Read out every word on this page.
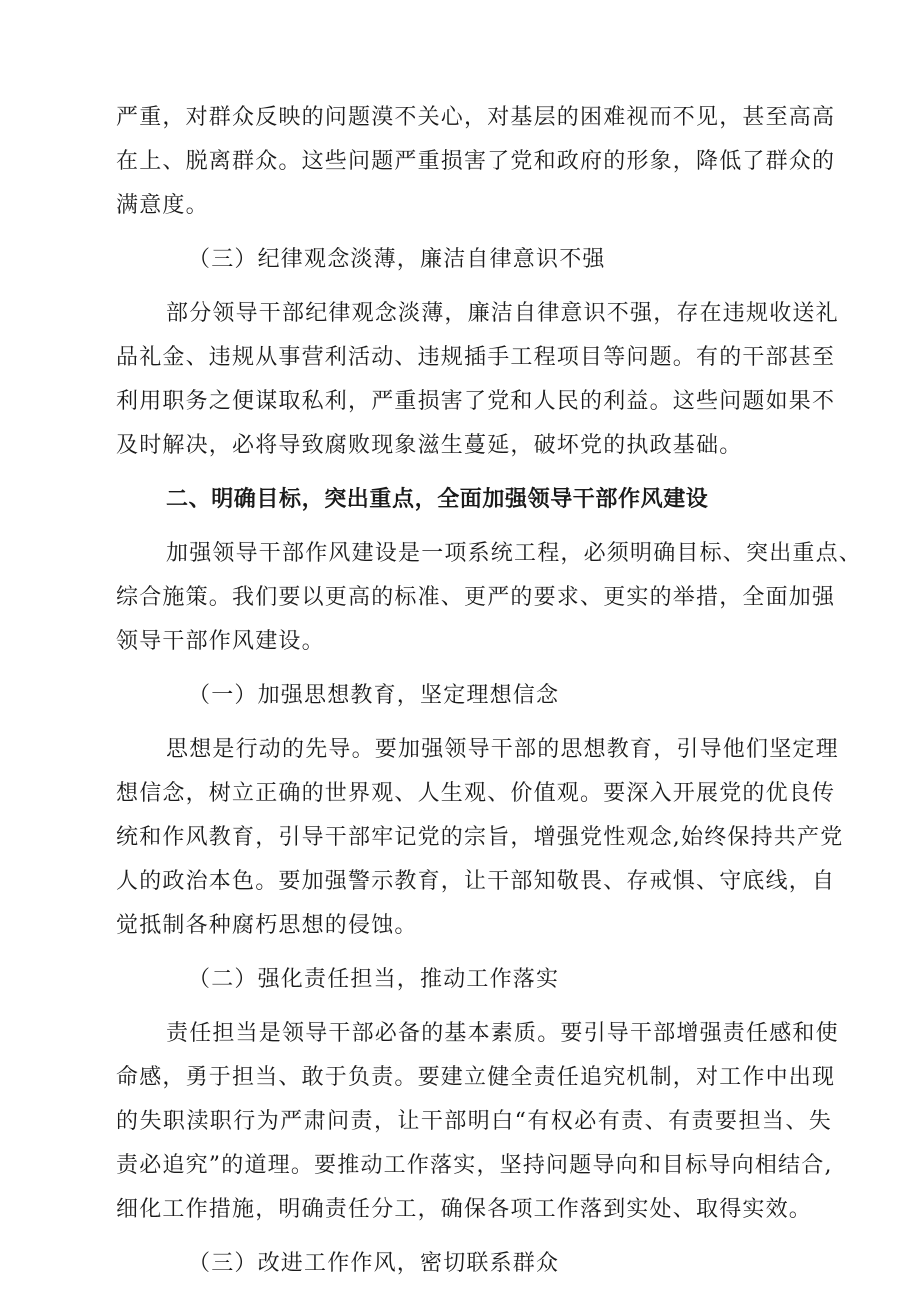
严重，对群众反映的问题漠不关心，对基层的困难视而不见，甚至高高

在上、脱离群众。这些问题严重损害了党和政府的形象，降低了群众的

满意度。

（三）纪律观念淡薄，廉洁自律意识不强

部分领导干部纪律观念淡薄，廉洁自律意识不强，存在违规收送礼

品礼金、违规从事营利活动、违规插手工程项目等问题。有的干部甚至

利用职务之便谋取私利，严重损害了党和人民的利益。这些问题如果不

及时解决，必将导致腐败现象滋生蔓延，破坏党的执政基础。

二、明确目标，突出重点，全面加强领导干部作风建设

加强领导干部作风建设是一项系统工程，必须明确目标、突出重点、

综合施策。我们要以更高的标准、更严的要求、更实的举措，全面加强

领导干部作风建设。

（一）加强思想教育，坚定理想信念

思想是行动的先导。要加强领导干部的思想教育，引导他们坚定理

想信念，树立正确的世界观、人生观、价值观。要深入开展党的优良传

统和作风教育，引导干部牢记党的宗旨，增强党性观念,始终保持共产党

人的政治本色。要加强警示教育，让干部知敬畏、存戒惧、守底线，自

觉抵制各种腐朽思想的侵蚀。

（二）强化责任担当，推动工作落实

责任担当是领导干部必备的基本素质。要引导干部增强责任感和使

命感，勇于担当、敢于负责。要建立健全责任追究机制，对工作中出现

的失职渎职行为严肃问责，让干部明白“有权必有责、有责要担当、失

责必追究”的道理。要推动工作落实，坚持问题导向和目标导向相结合,

细化工作措施，明确责任分工，确保各项工作落到实处、取得实效。

（三）改进工作作风，密切联系群众
